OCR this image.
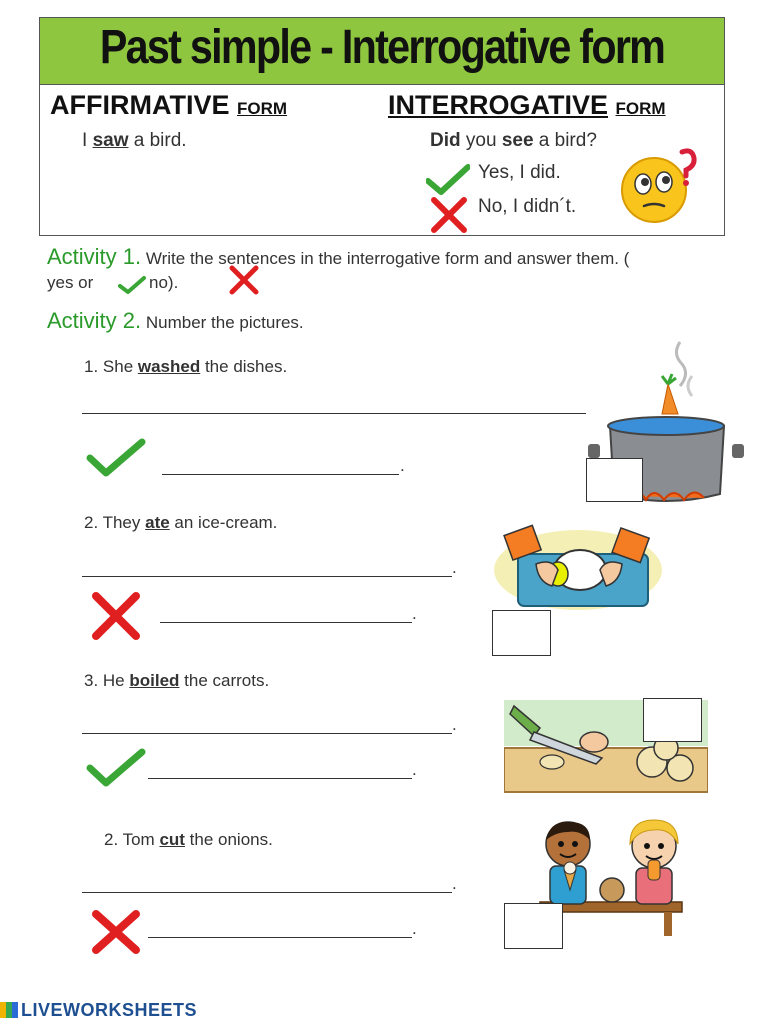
Past simple - Interrogative form
AFFIRMATIVE FORM
I saw a bird.
INTERROGATIVE FORM
Did you see a bird?
Yes, I did.
No, I didn´t.
Activity 1. Write the sentences in the interrogative form and answer them. (
yes or	no).
Activity 2. Number the pictures.
1. She washed the dishes.
.
2. They ate an ice-cream.
.
.
3. He boiled the carrots.
.
.
2. Tom cut the onions.
.
.
LIVEWORKSHEETS
